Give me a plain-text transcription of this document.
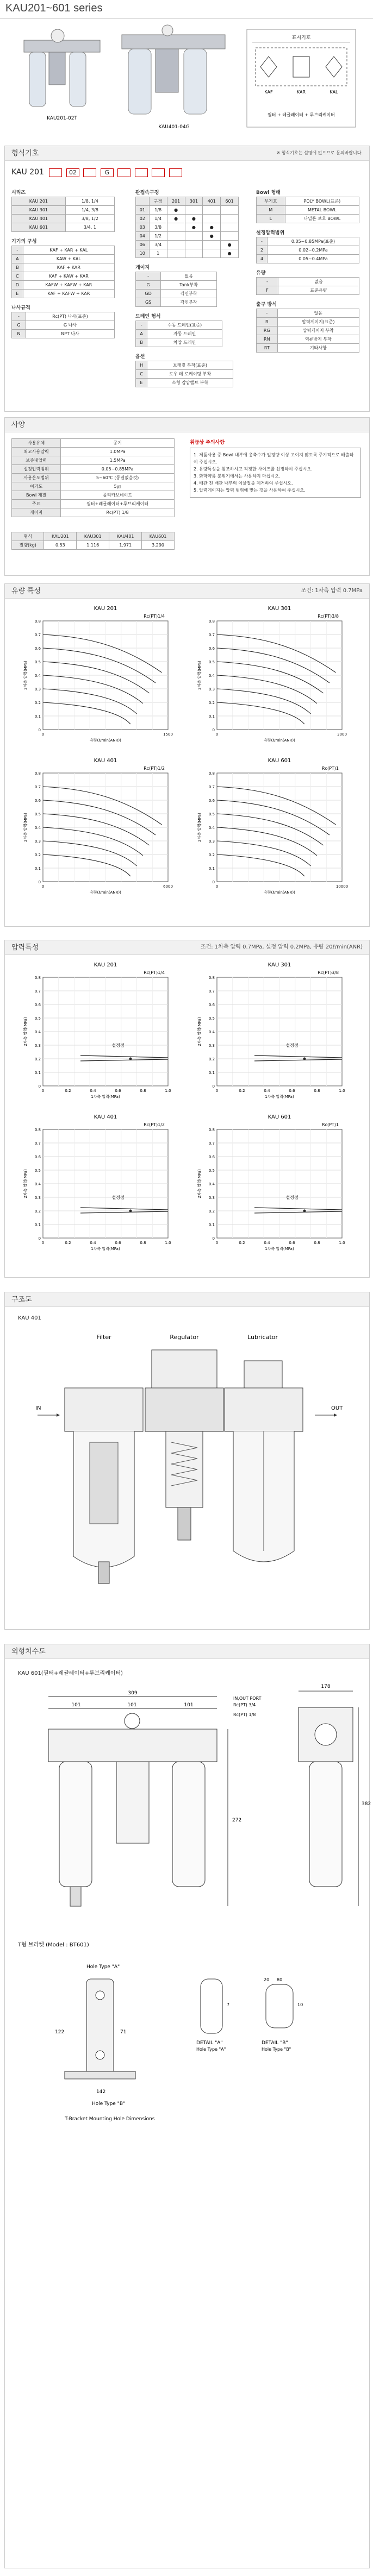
KAU201~601 series
KAU201-02T
KAU401-04G
표시기호
KAF	KAR	KAL
필터 + 레귤레이터 + 루브리케이터
형식기호	※ 형식기호는 설명에 없으므로 문의바랍니다.
KAU 201	02	G
시리즈
KAU 201	1/8, 1/4
KAU 301	1/4, 3/8
KAU 401	3/8, 1/2
KAU 601	3/4, 1
기기의 구성
-	KAF + KAR + KAL
A	KAW + KAL
B	KAF + KAR
C	KAF + KAW + KAR
D	KAFW + KAFW + KAR
E	KAF + KAFW + KAR
나사규격
-	Rc(PT) 나사(표준)
G	G 나사
N	NPT 나사
관접속구경
	구경	201	301	401	601
01	1/8	●			
02	1/4	●	●		
03	3/8		●	●	
04	1/2			●	
06	3/4				●
10	1				●
게이지
-	없음
G	Tank부착
GD	각인부착
GS	각인부착
드레인 형식
-	수동 드레인(표준)
A	자동 드레인
B	차압 드레인
옵션
H	브래킷 부착(표준)
C	로우 데 로케이팅 부착
E	소형 감압밸브 부착
Bowl 형태
무기호	POLY BOWL(표준)
M	METAL BOWL
L	나일론 보호 BOWL
설정압력범위
-	0.05~0.85MPa(표준)
2	0.02~0.2MPa
4	0.05~0.4MPa
유량
-	없음
F	표준유량
출구 방식
-	없음
R	압력게이지(표준)
RG	압력게이지 부착
RN	역류방지 부착
RT	기타사항
사양
사용유체	공기
최고사용압력	1.0MPa
보증내압력	1.5MPa
설정압력범위	0.05~0.85MPa
사용온도범위	5~60℃ (동결없을것)
여과도	5㎛
Bowl 재질	폴리카보네이트
주요	필터+레귤레이터+루브리케이터
게이지	Rc(PT) 1/8
형식	KAU201	KAU301	KAU401	KAU601
질량(kg)	0.53	1.116	1.971	3.290
취급상 주의사항
1. 제품사용 중 Bowl 내부에 응축수가 일정량 이상 고이지 않도록 주기적으로 배출하여 주십시오.
2. 유량특성을 참조하시고 적정한 사이즈를 선정하여 주십시오.
3. 화학약품 분위기에서는 사용하지 마십시오.
4. 배관 전 배관 내부의 이물질을 제거하여 주십시오.
5. 압력게이지는 압력 범위에 맞는 것을 사용하여 주십시오.
유량 특성	조건: 1차측 압력 0.7MPa
KAU 201
Rc(PT)1/4
0
0.1
0.2
0.3
0.4
0.5
0.6
0.7
0.8
2차측 압력(MPa)
유량(ℓ/min(ANR))
0	1500
KAU 301
Rc(PT)3/8
0
0.1
0.2
0.3
0.4
0.5
0.6
0.7
0.8
2차측 압력(MPa)
유량(ℓ/min(ANR))
0	3000
KAU 401
Rc(PT)1/2
0
0.1
0.2
0.3
0.4
0.5
0.6
0.7
0.8
2차측 압력(MPa)
유량(ℓ/min(ANR))
0	6000
KAU 601
Rc(PT)1
0
0.1
0.2
0.3
0.4
0.5
0.6
0.7
0.8
2차측 압력(MPa)
유량(ℓ/min(ANR))
0	10000
압력특성	조건: 1차측 압력 0.7MPa, 설정 압력 0.2MPa, 유량 20ℓ/min(ANR)
KAU 201
Rc(PT)1/4
0
0.1
0.2
0.3
0.4
0.5
0.6
0.7
0.8
2차측 압력(MPa)
1차측 압력(MPa)
0	0.2	0.4	0.6	0.8	1.0
설정점
KAU 301
Rc(PT)3/8
0
0.1
0.2
0.3
0.4
0.5
0.6
0.7
0.8
2차측 압력(MPa)
1차측 압력(MPa)
0	0.2	0.4	0.6	0.8	1.0
설정점
KAU 401
Rc(PT)1/2
0
0.1
0.2
0.3
0.4
0.5
0.6
0.7
0.8
2차측 압력(MPa)
1차측 압력(MPa)
0	0.2	0.4	0.6	0.8	1.0
설정점
KAU 601
Rc(PT)1
0
0.1
0.2
0.3
0.4
0.5
0.6
0.7
0.8
2차측 압력(MPa)
1차측 압력(MPa)
0	0.2	0.4	0.6	0.8	1.0
설정점
구조도
KAU 401
Filter	Regulator	Lubricator
IN	OUT
외형치수도
KAU 601(필터+레귤레이터+루브리케이터)
309
101	101	101
IN,OUT PORT
Rc(PT) 3/4
Rc(PT) 1/8
178
272
382
T형 브라켓 (Model : BT601)
Hole Type "A"
122	71
142
Hole Type "B"
DETAIL "A"
Hole Type "A"
7
DETAIL "B"
Hole Type "B"
10
20 80
T-Bracket Mounting Hole Dimensions
